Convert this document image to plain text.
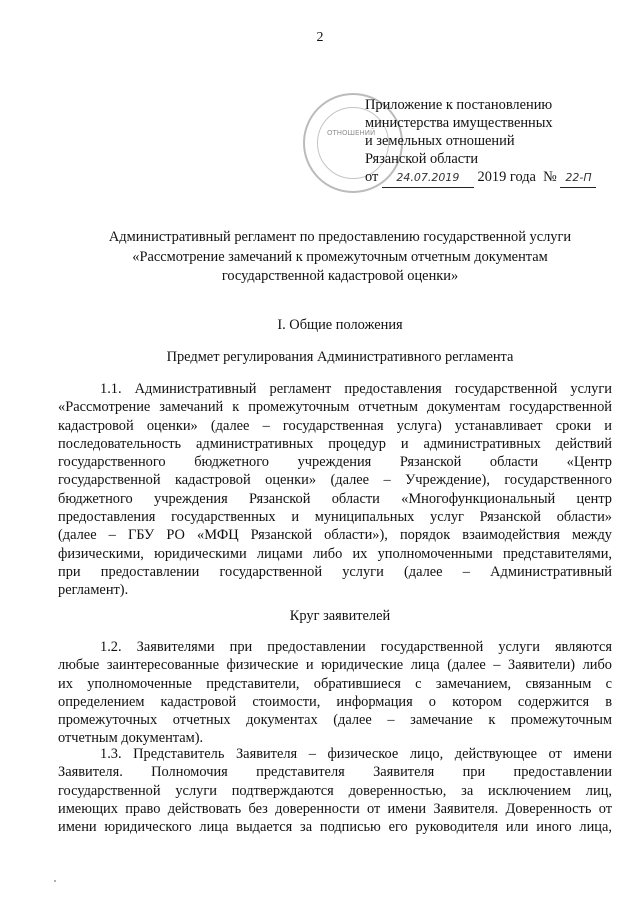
2
ОТНОШЕНИЙ
Приложение к постановлению
министерства имущественных
и земельных отношений
Рязанской области
от 24.07.2019 2019 года № 22-П
Административный регламент по предоставлению государственной услуги
«Рассмотрение замечаний к промежуточным отчетным документам
государственной кадастровой оценки»
I. Общие положения
Предмет регулирования Административного регламента
1.1. Административный регламент предоставления государственной услуги
«Рассмотрение замечаний к промежуточным отчетным документам государственной
кадастровой оценки» (далее – государственная услуга) устанавливает сроки и
последовательность административных процедур и административных действий
государственного бюджетного учреждения Рязанской области «Центр
государственной кадастровой оценки» (далее – Учреждение), государственного
бюджетного учреждения Рязанской области «Многофункциональный центр
предоставления государственных и муниципальных услуг Рязанской области»
(далее – ГБУ РО «МФЦ Рязанской области»), порядок взаимодействия между
физическими, юридическими лицами либо их уполномоченными представителями,
при предоставлении государственной услуги (далее – Административный
регламент).
Круг заявителей
1.2. Заявителями при предоставлении государственной услуги являются
любые заинтересованные физические и юридические лица (далее – Заявители) либо
их уполномоченные представители, обратившиеся с замечанием, связанным с
определением кадастровой стоимости, информация о котором содержится в
промежуточных отчетных документах (далее – замечание к промежуточным
отчетным документам).
1.3. Представитель Заявителя – физическое лицо, действующее от имени
Заявителя. Полномочия представителя Заявителя при предоставлении
государственной услуги подтверждаются доверенностью, за исключением лиц,
имеющих право действовать без доверенности от имени Заявителя. Доверенность от
имени юридического лица выдается за подписью его руководителя или иного лица,
